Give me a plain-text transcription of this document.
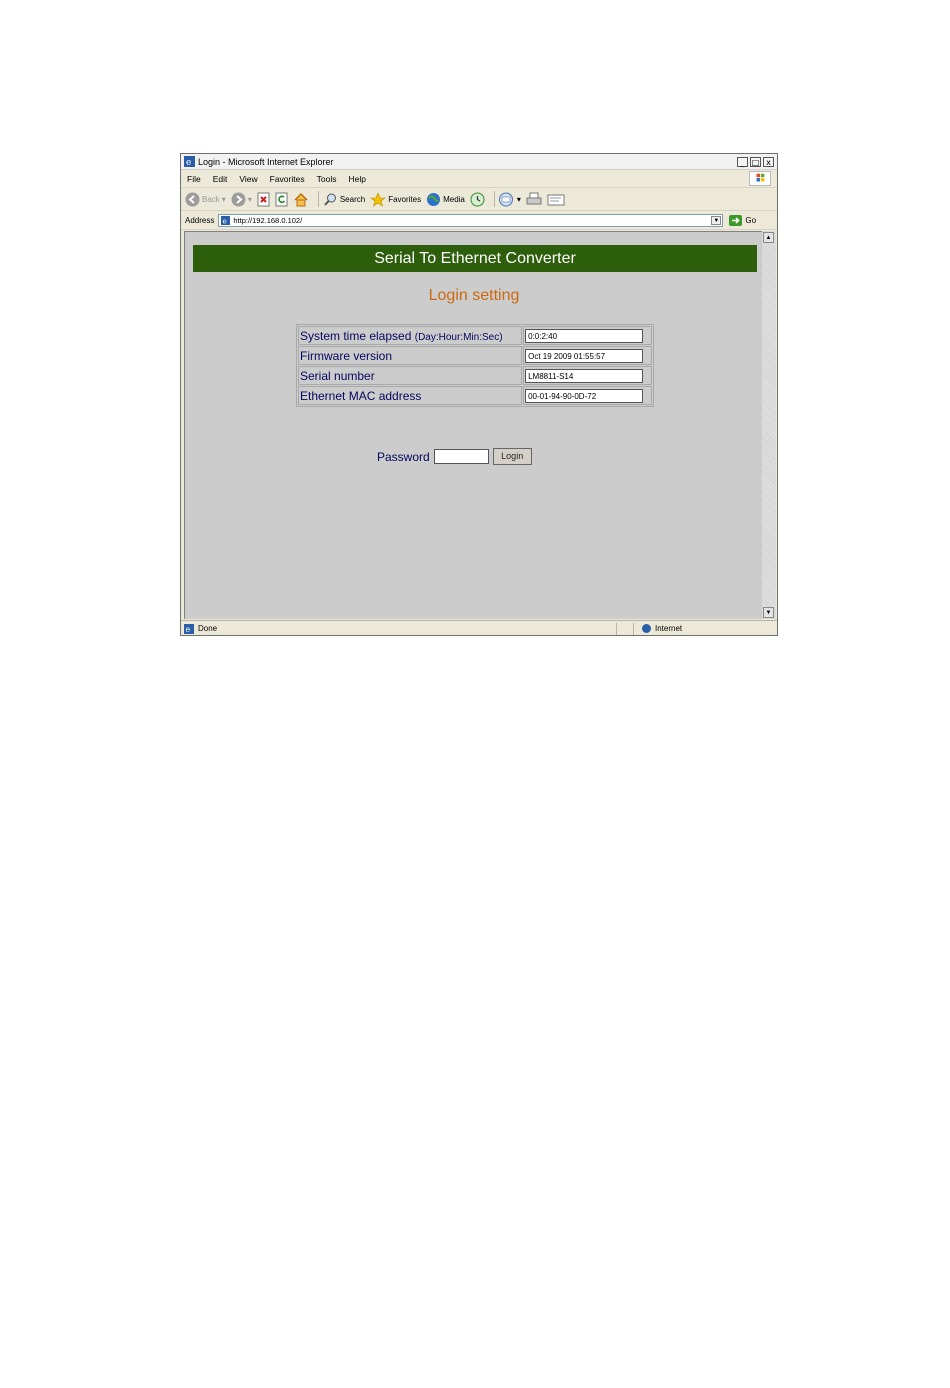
e Login - Microsoft Internet Explorer	_ □ x
File Edit View Favorites Tools Help
Back ▾	▾	Search	Favorites	Media	▾
Address e http://192.168.0.102/	▼	Go
Serial To Ethernet Converter
Login setting
System time elapsed (Day:Hour:Min:Sec)	0:0:2:40

Firmware version	Oct 19 2009 01:55:57

Serial number	LM8811-S14

Ethernet MAC address	00-01-94-90-0D-72
Password	Login
▲
▼
e Done	Internet
